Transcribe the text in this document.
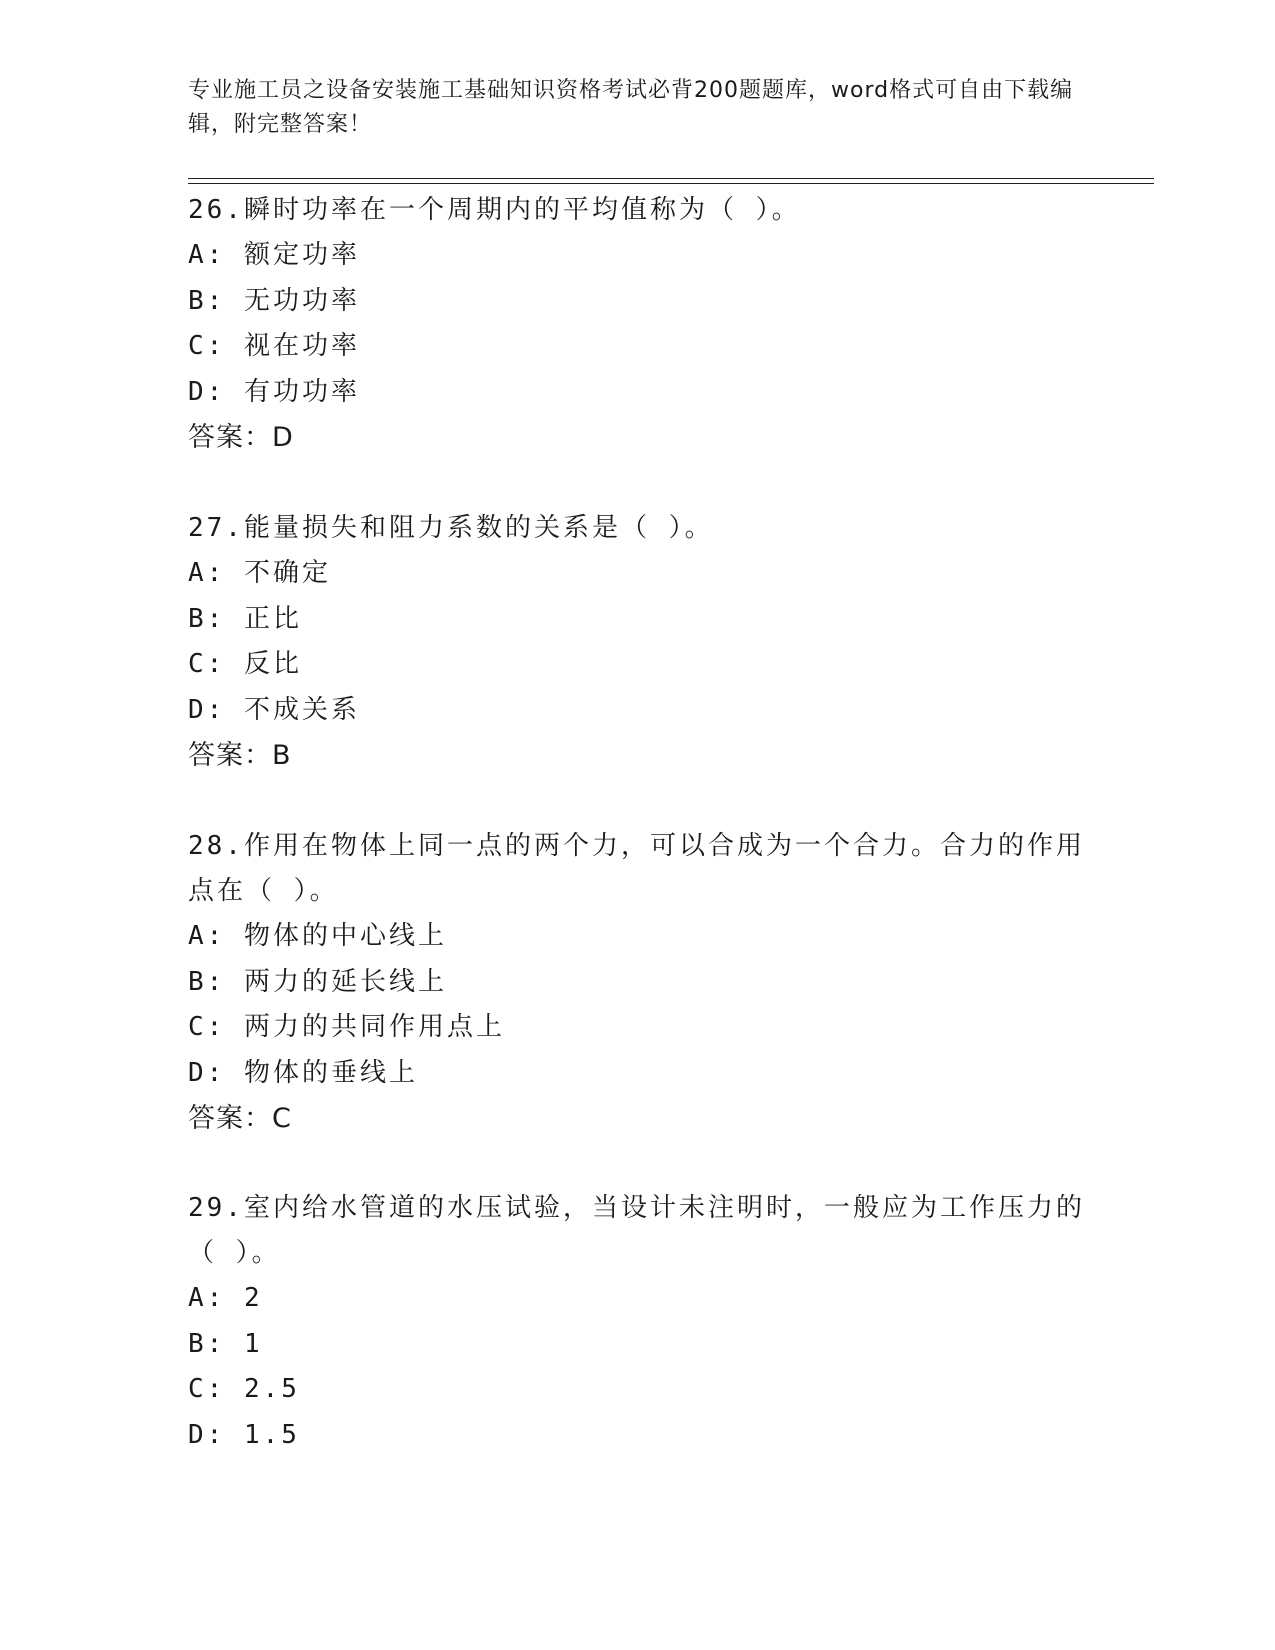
专业施工员之设备安装施工基础知识资格考试必背200题题库，word格式可自由下载编辑，附完整答案！

26.瞬时功率在一个周期内的平均值称为（ ）。

A: 额定功率

B: 无功功率

C: 视在功率

D: 有功功率

答案：D

27.能量损失和阻力系数的关系是（ ）。

A: 不确定

B: 正比

C: 反比

D: 不成关系

答案：B

28.作用在物体上同一点的两个力，可以合成为一个合力。合力的作用点在（ ）。

A: 物体的中心线上

B: 两力的延长线上

C: 两力的共同作用点上

D: 物体的垂线上

答案：C

29.室内给水管道的水压试验，当设计未注明时，一般应为工作压力的（ ）。

A: 2

B: 1

C: 2.5

D: 1.5
